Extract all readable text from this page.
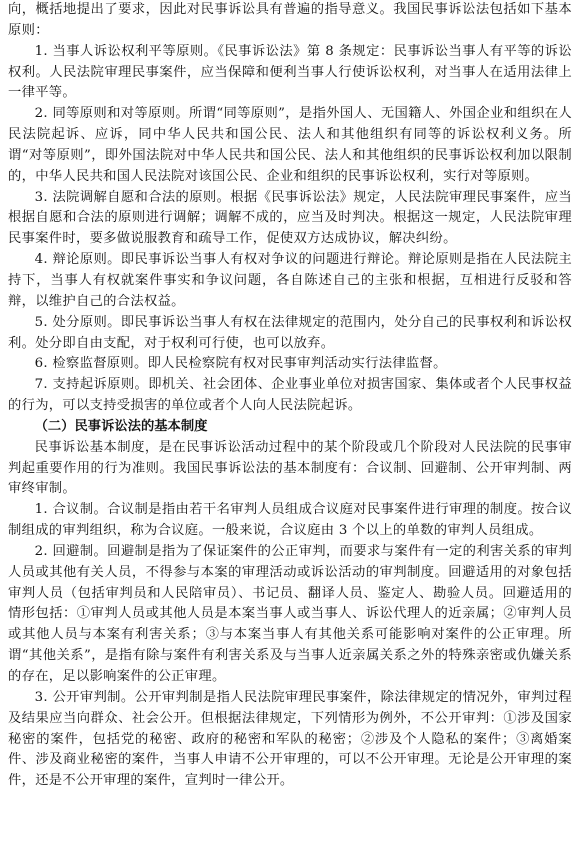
向，概括地提出了要求，因此对民事诉讼具有普遍的指导意义。我国民事诉讼法包括如下基本原则：

1. 当事人诉讼权利平等原则。《民事诉讼法》第 8 条规定：民事诉讼当事人有平等的诉讼权利。人民法院审理民事案件，应当保障和便利当事人行使诉讼权利，对当事人在适用法律上一律平等。

2. 同等原则和对等原则。所谓“同等原则”，是指外国人、无国籍人、外国企业和组织在人民法院起诉、应诉，同中华人民共和国公民、法人和其他组织有同等的诉讼权利义务。所谓“对等原则”，即外国法院对中华人民共和国公民、法人和其他组织的民事诉讼权利加以限制的，中华人民共和国人民法院对该国公民、企业和组织的民事诉讼权利，实行对等原则。

3. 法院调解自愿和合法的原则。根据《民事诉讼法》规定，人民法院审理民事案件，应当根据自愿和合法的原则进行调解；调解不成的，应当及时判决。根据这一规定，人民法院审理民事案件时，要多做说服教育和疏导工作，促使双方达成协议，解决纠纷。

4. 辩论原则。即民事诉讼当事人有权对争议的问题进行辩论。辩论原则是指在人民法院主持下，当事人有权就案件事实和争议问题，各自陈述自己的主张和根据，互相进行反驳和答辩，以维护自己的合法权益。

5. 处分原则。即民事诉讼当事人有权在法律规定的范围内，处分自己的民事权利和诉讼权利。处分即自由支配，对于权利可行使，也可以放弃。

6. 检察监督原则。即人民检察院有权对民事审判活动实行法律监督。

7. 支持起诉原则。即机关、社会团体、企业事业单位对损害国家、集体或者个人民事权益的行为，可以支持受损害的单位或者个人向人民法院起诉。

（二）民事诉讼法的基本制度

民事诉讼基本制度，是在民事诉讼活动过程中的某个阶段或几个阶段对人民法院的民事审判起重要作用的行为准则。我国民事诉讼法的基本制度有：合议制、回避制、公开审判制、两审终审制。

1. 合议制。合议制是指由若干名审判人员组成合议庭对民事案件进行审理的制度。按合议制组成的审判组织，称为合议庭。一般来说，合议庭由 3 个以上的单数的审判人员组成。

2. 回避制。回避制是指为了保证案件的公正审判，而要求与案件有一定的利害关系的审判人员或其他有关人员，不得参与本案的审理活动或诉讼活动的审判制度。回避适用的对象包括审判人员（包括审判员和人民陪审员）、书记员、翻译人员、鉴定人、勘验人员。回避适用的情形包括：①审判人员或其他人员是本案当事人或当事人、诉讼代理人的近亲属；②审判人员或其他人员与本案有利害关系；③与本案当事人有其他关系可能影响对案件的公正审理。所谓“其他关系”，是指有除与案件有利害关系及与当事人近亲属关系之外的特殊亲密或仇嫌关系的存在，足以影响案件的公正审理。

3. 公开审判制。公开审判制是指人民法院审理民事案件，除法律规定的情况外，审判过程及结果应当向群众、社会公开。但根据法律规定，下列情形为例外，不公开审判：①涉及国家秘密的案件，包括党的秘密、政府的秘密和军队的秘密；②涉及个人隐私的案件；③离婚案件、涉及商业秘密的案件，当事人申请不公开审理的，可以不公开审理。无论是公开审理的案件，还是不公开审理的案件，宣判时一律公开。
